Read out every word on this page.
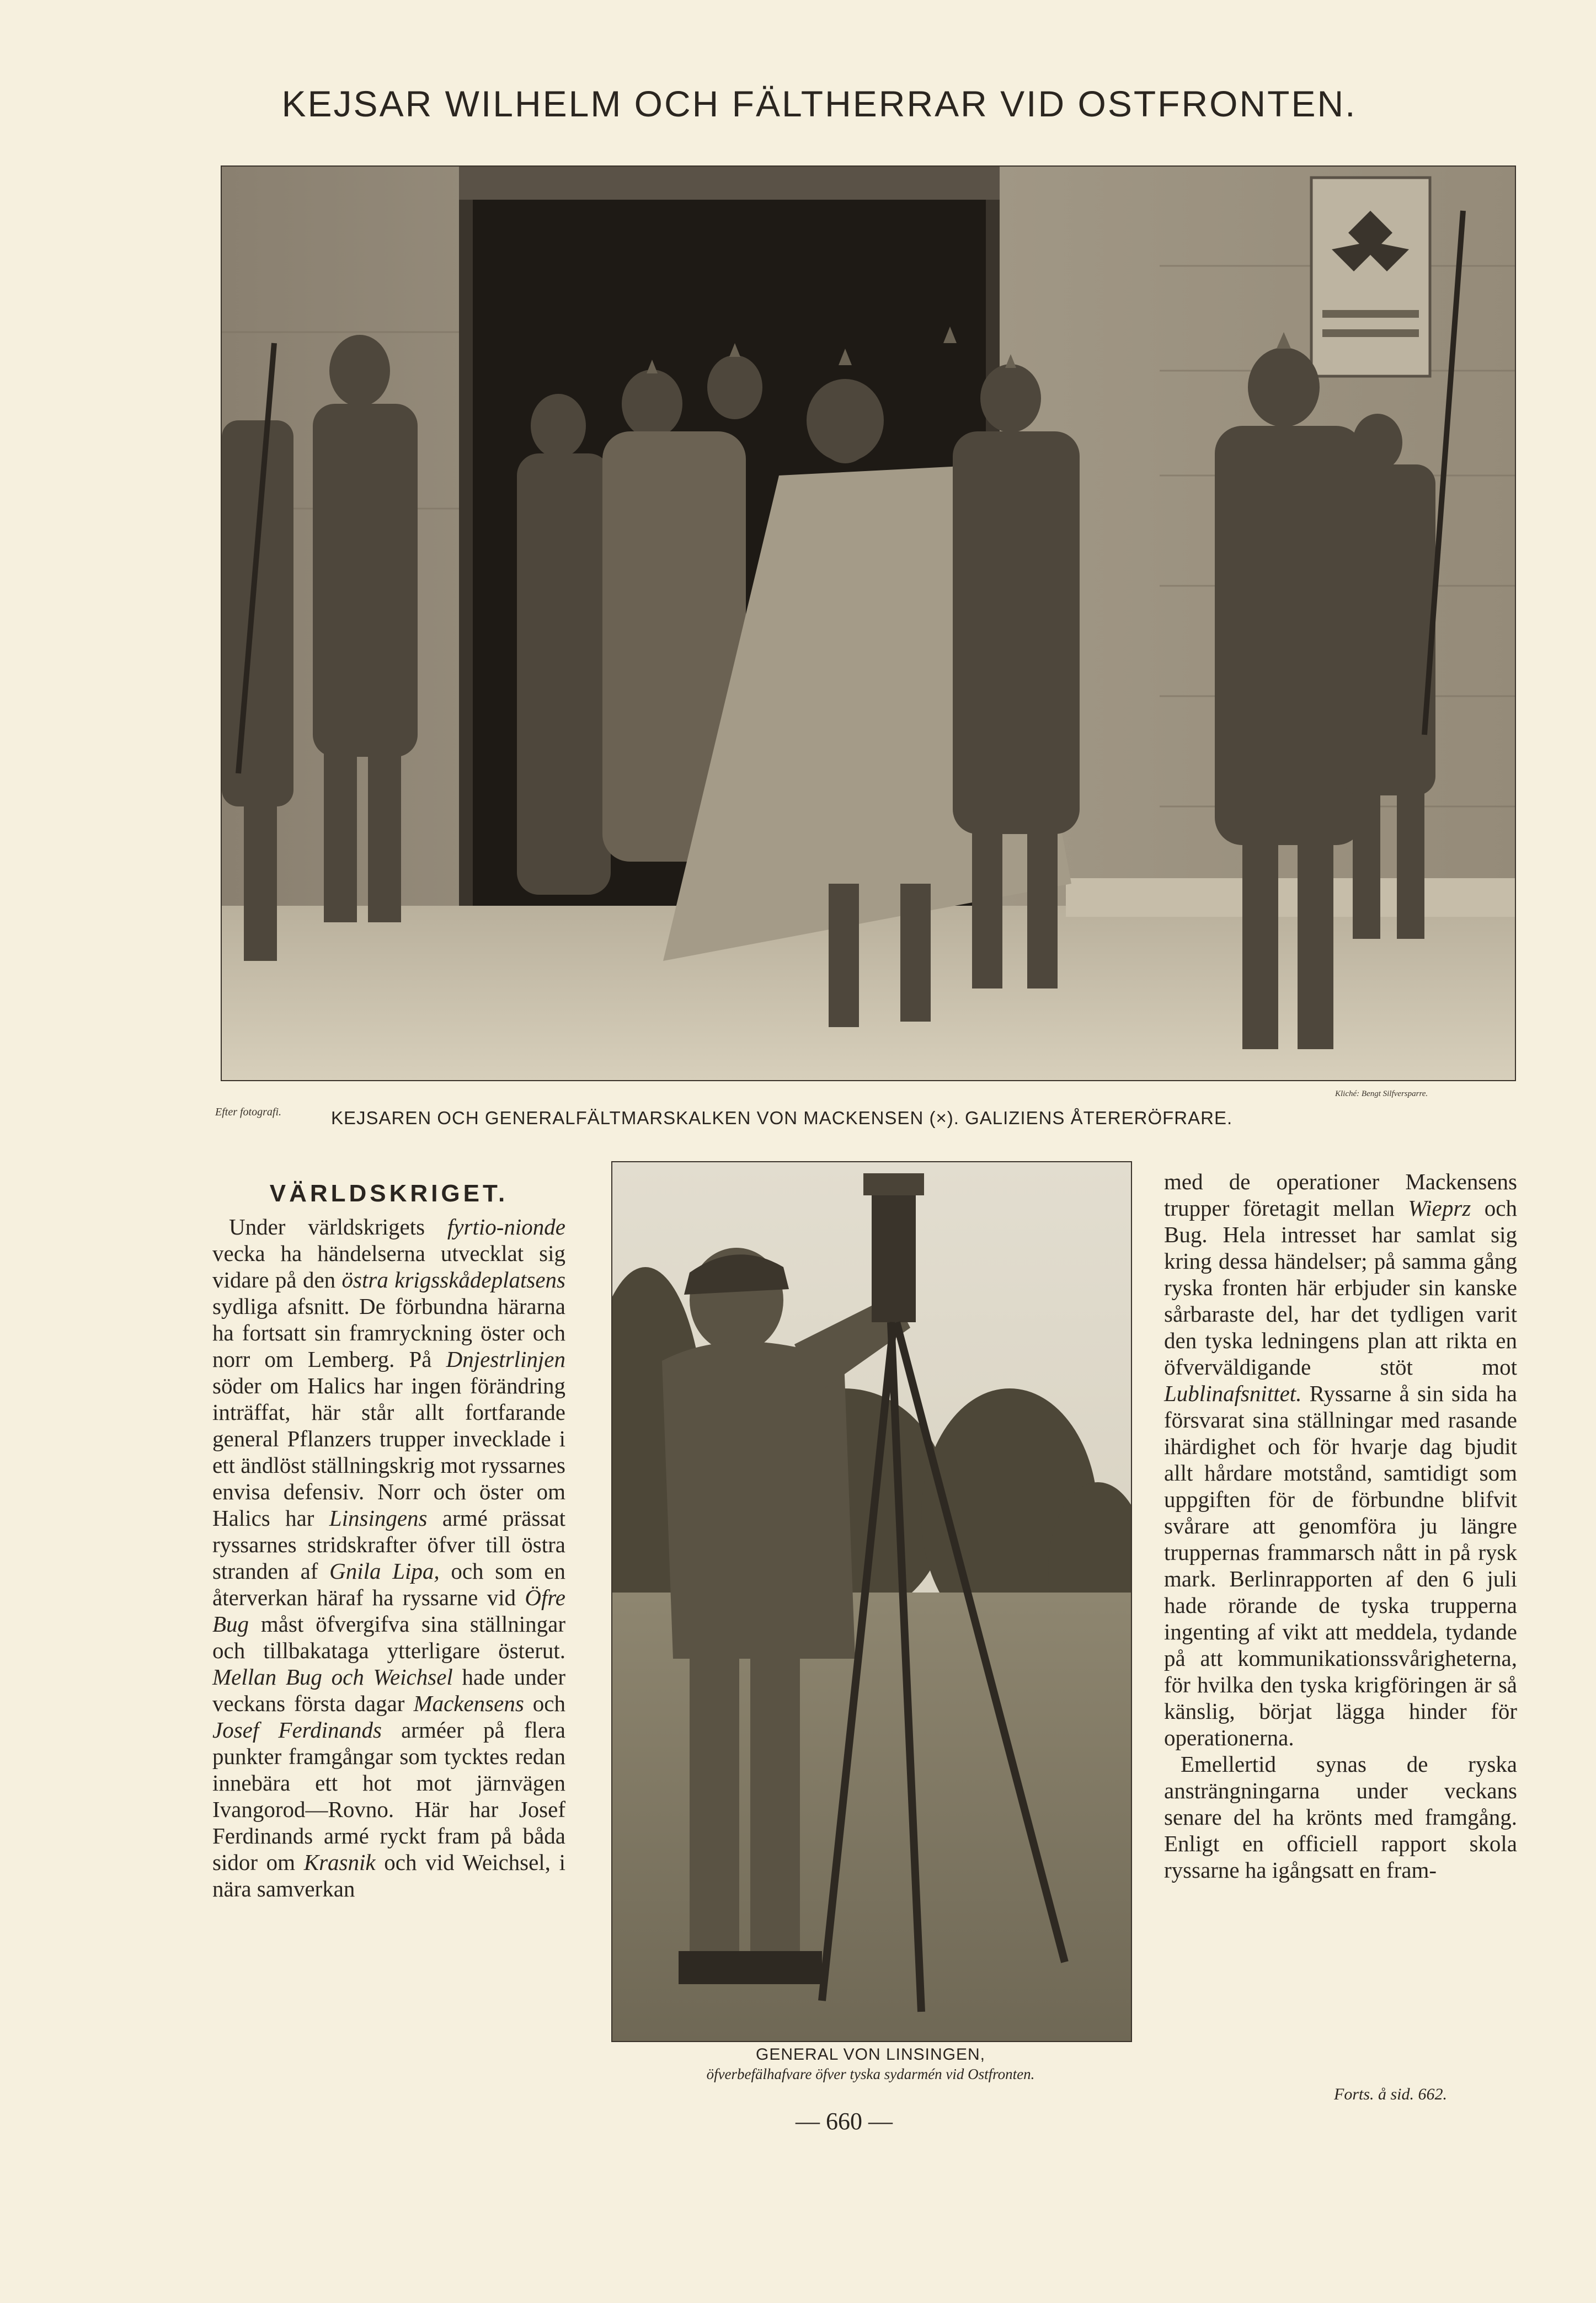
KEJSAR WILHELM OCH FÄLTHERRAR VID OSTFRONTEN.
Efter fotografi.
Kliché: Bengt Silfversparre.
KEJSAREN OCH GENERALFÄLTMARSKALKEN VON MACKENSEN (×). GALIZIENS ÅTERERÖFRARE.

VÄRLDSKRIGET.

Under världskrigets fyrtio-nionde vecka ha händelserna utvecklat sig vidare på den östra krigsskådeplatsens sydliga afsnitt. De förbundna härarna ha fortsatt sin framryckning öster och norr om Lemberg. På Dnjestrlinjen söder om Halics har ingen förändring inträffat, här står allt fortfarande general Pflanzers trupper invecklade i ett ändlöst ställningskrig mot ryssarnes envisa defensiv. Norr och öster om Halics har Linsingens armé prässat ryssarnes stridskrafter öfver till östra stranden af Gnila Lipa, och som en återverkan häraf ha ryssarne vid Öfre Bug måst öfvergifva sina ställningar och tillbakataga ytterligare österut. Mellan Bug och Weichsel hade under veckans första dagar Mackensens och Josef Ferdinands arméer på flera punkter framgångar som tycktes redan innebära ett hot mot järnvägen Ivangorod—Rovno. Här har Josef Ferdinands armé ryckt fram på båda sidor om Krasnik och vid Weichsel, i nära samverkan

GENERAL VON LINSINGEN,
öfverbefälhafvare öfver tyska sydarmén vid Ostfronten.

med de operationer Mackensens trupper företagit mellan Wieprz och Bug. Hela intresset har samlat sig kring dessa händelser; på samma gång ryska fronten här erbjuder sin kanske sårbaraste del, har det tydligen varit den tyska ledningens plan att rikta en öfverväldigande stöt mot Lublinafsnittet. Ryssarne å sin sida ha försvarat sina ställningar med rasande ihärdighet och för hvarje dag bjudit allt hårdare motstånd, samtidigt som uppgiften för de förbundne blifvit svårare att genomföra ju längre truppernas frammarsch nått in på rysk mark. Berlinrapporten af den 6 juli hade rörande de tyska trupperna ingenting af vikt att meddela, tydande på att kommunikationssvårigheterna, för hvilka den tyska krigföringen är så känslig, börjat lägga hinder för operationerna.

Emellertid synas de ryska ansträngningarna under veckans senare del ha krönts med framgång. Enligt en officiell rapport skola ryssarne ha igångsatt en fram-

Forts. å sid. 662.
— 660 —
